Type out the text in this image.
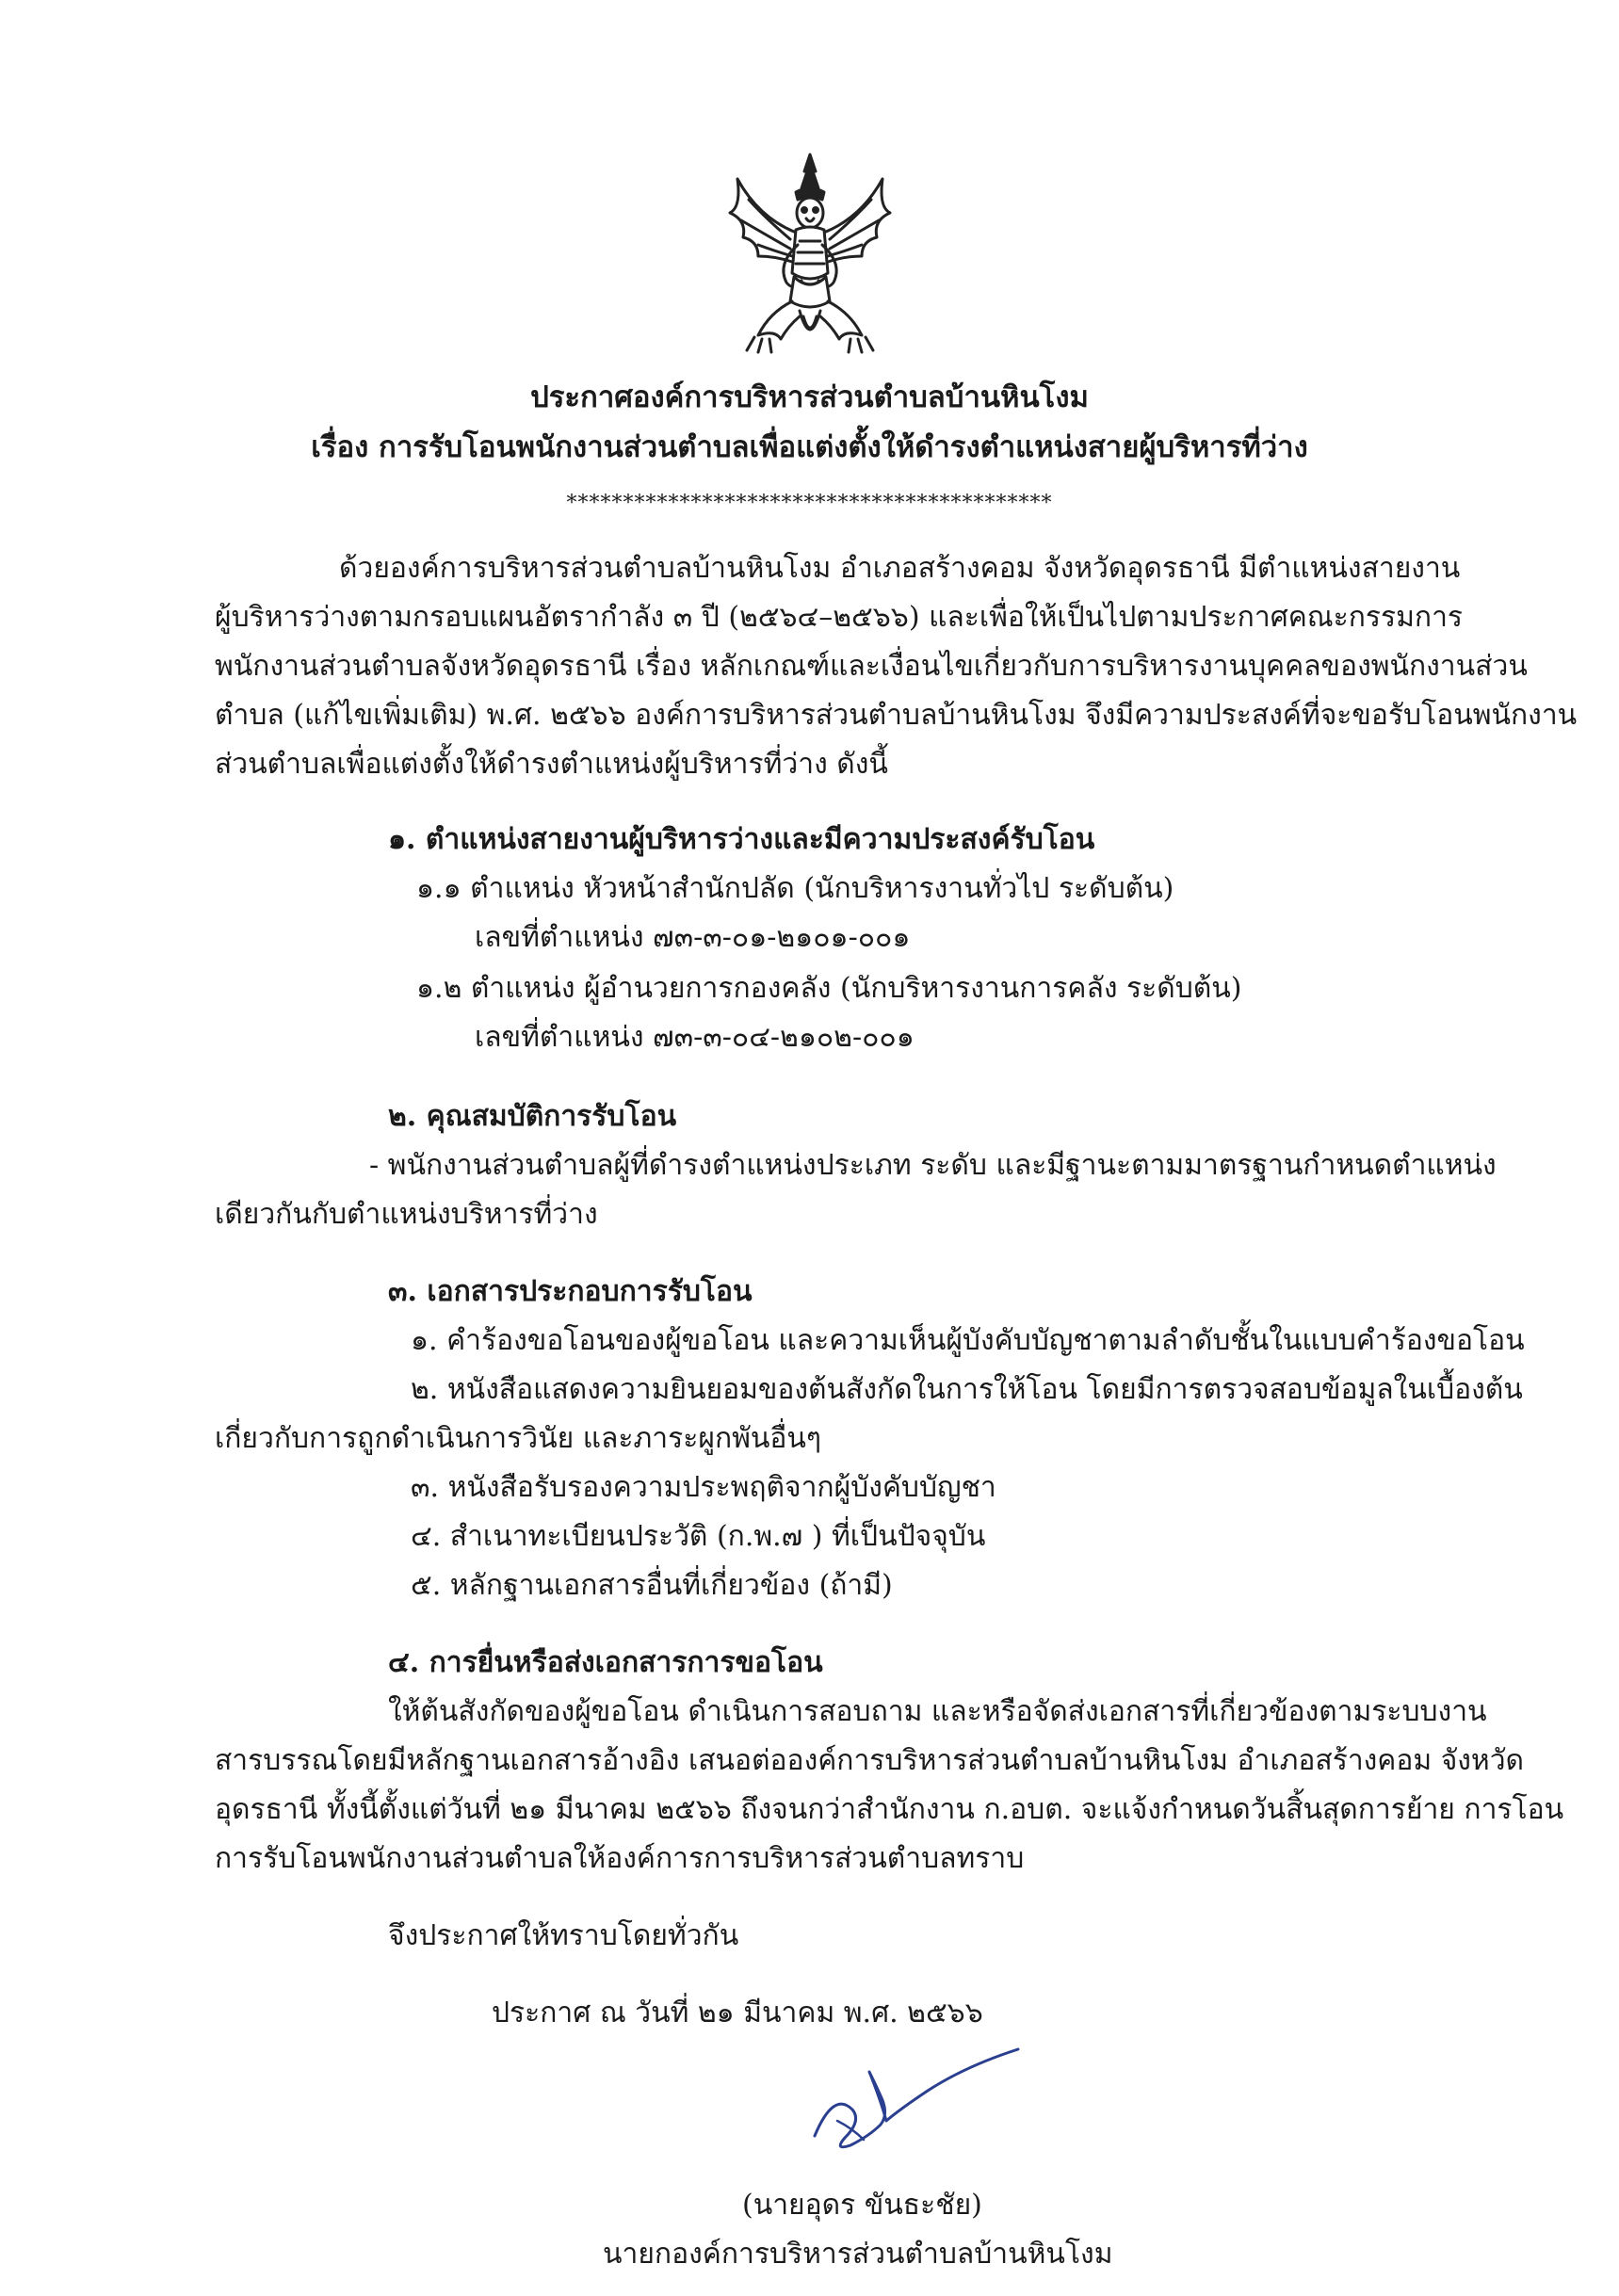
ประกาศองค์การบริหารส่วนตำบลบ้านหินโงม
เรื่อง การรับโอนพนักงานส่วนตำบลเพื่อแต่งตั้งให้ดำรงตำแหน่งสายผู้บริหารที่ว่าง
*******************************************
ด้วยองค์การบริหารส่วนตำบลบ้านหินโงม อำเภอสร้างคอม จังหวัดอุดรธานี มีตำแหน่งสายงาน
ผู้บริหารว่างตามกรอบแผนอัตรากำลัง ๓ ปี (๒๕๖๔–๒๕๖๖) และเพื่อให้เป็นไปตามประกาศคณะกรรมการ
พนักงานส่วนตำบลจังหวัดอุดรธานี เรื่อง หลักเกณฑ์และเงื่อนไขเกี่ยวกับการบริหารงานบุคคลของพนักงานส่วน
ตำบล (แก้ไขเพิ่มเติม) พ.ศ. ๒๕๖๖ องค์การบริหารส่วนตำบลบ้านหินโงม จึงมีความประสงค์ที่จะขอรับโอนพนักงาน
ส่วนตำบลเพื่อแต่งตั้งให้ดำรงตำแหน่งผู้บริหารที่ว่าง ดังนี้
๑. ตำแหน่งสายงานผู้บริหารว่างและมีความประสงค์รับโอน
๑.๑ ตำแหน่ง หัวหน้าสำนักปลัด (นักบริหารงานทั่วไป ระดับต้น)
เลขที่ตำแหน่ง ๗๓-๓-๐๑-๒๑๐๑-๐๐๑
๑.๒ ตำแหน่ง ผู้อำนวยการกองคลัง (นักบริหารงานการคลัง ระดับต้น)
เลขที่ตำแหน่ง ๗๓-๓-๐๔-๒๑๐๒-๐๐๑
๒. คุณสมบัติการรับโอน
- พนักงานส่วนตำบลผู้ที่ดำรงตำแหน่งประเภท ระดับ และมีฐานะตามมาตรฐานกำหนดตำแหน่ง
เดียวกันกับตำแหน่งบริหารที่ว่าง
๓. เอกสารประกอบการรับโอน
๑. คำร้องขอโอนของผู้ขอโอน และความเห็นผู้บังคับบัญชาตามลำดับชั้นในแบบคำร้องขอโอน
๒. หนังสือแสดงความยินยอมของต้นสังกัดในการให้โอน โดยมีการตรวจสอบข้อมูลในเบื้องต้น
เกี่ยวกับการถูกดำเนินการวินัย และภาระผูกพันอื่นๆ
๓. หนังสือรับรองความประพฤติจากผู้บังคับบัญชา
๔. สำเนาทะเบียนประวัติ (ก.พ.๗ ) ที่เป็นปัจจุบัน
๕. หลักฐานเอกสารอื่นที่เกี่ยวข้อง (ถ้ามี)
๔. การยื่นหรือส่งเอกสารการขอโอน
ให้ต้นสังกัดของผู้ขอโอน ดำเนินการสอบถาม และหรือจัดส่งเอกสารที่เกี่ยวข้องตามระบบงาน
สารบรรณโดยมีหลักฐานเอกสารอ้างอิง เสนอต่อองค์การบริหารส่วนตำบลบ้านหินโงม อำเภอสร้างคอม จังหวัด
อุดรธานี ทั้งนี้ตั้งแต่วันที่ ๒๑ มีนาคม ๒๕๖๖ ถึงจนกว่าสำนักงาน ก.อบต. จะแจ้งกำหนดวันสิ้นสุดการย้าย การโอน
การรับโอนพนักงานส่วนตำบลให้องค์การการบริหารส่วนตำบลทราบ
จึงประกาศให้ทราบโดยทั่วกัน
ประกาศ ณ วันที่ ๒๑ มีนาคม พ.ศ. ๒๕๖๖
(นายอุดร ขันธะชัย)
นายกองค์การบริหารส่วนตำบลบ้านหินโงม
